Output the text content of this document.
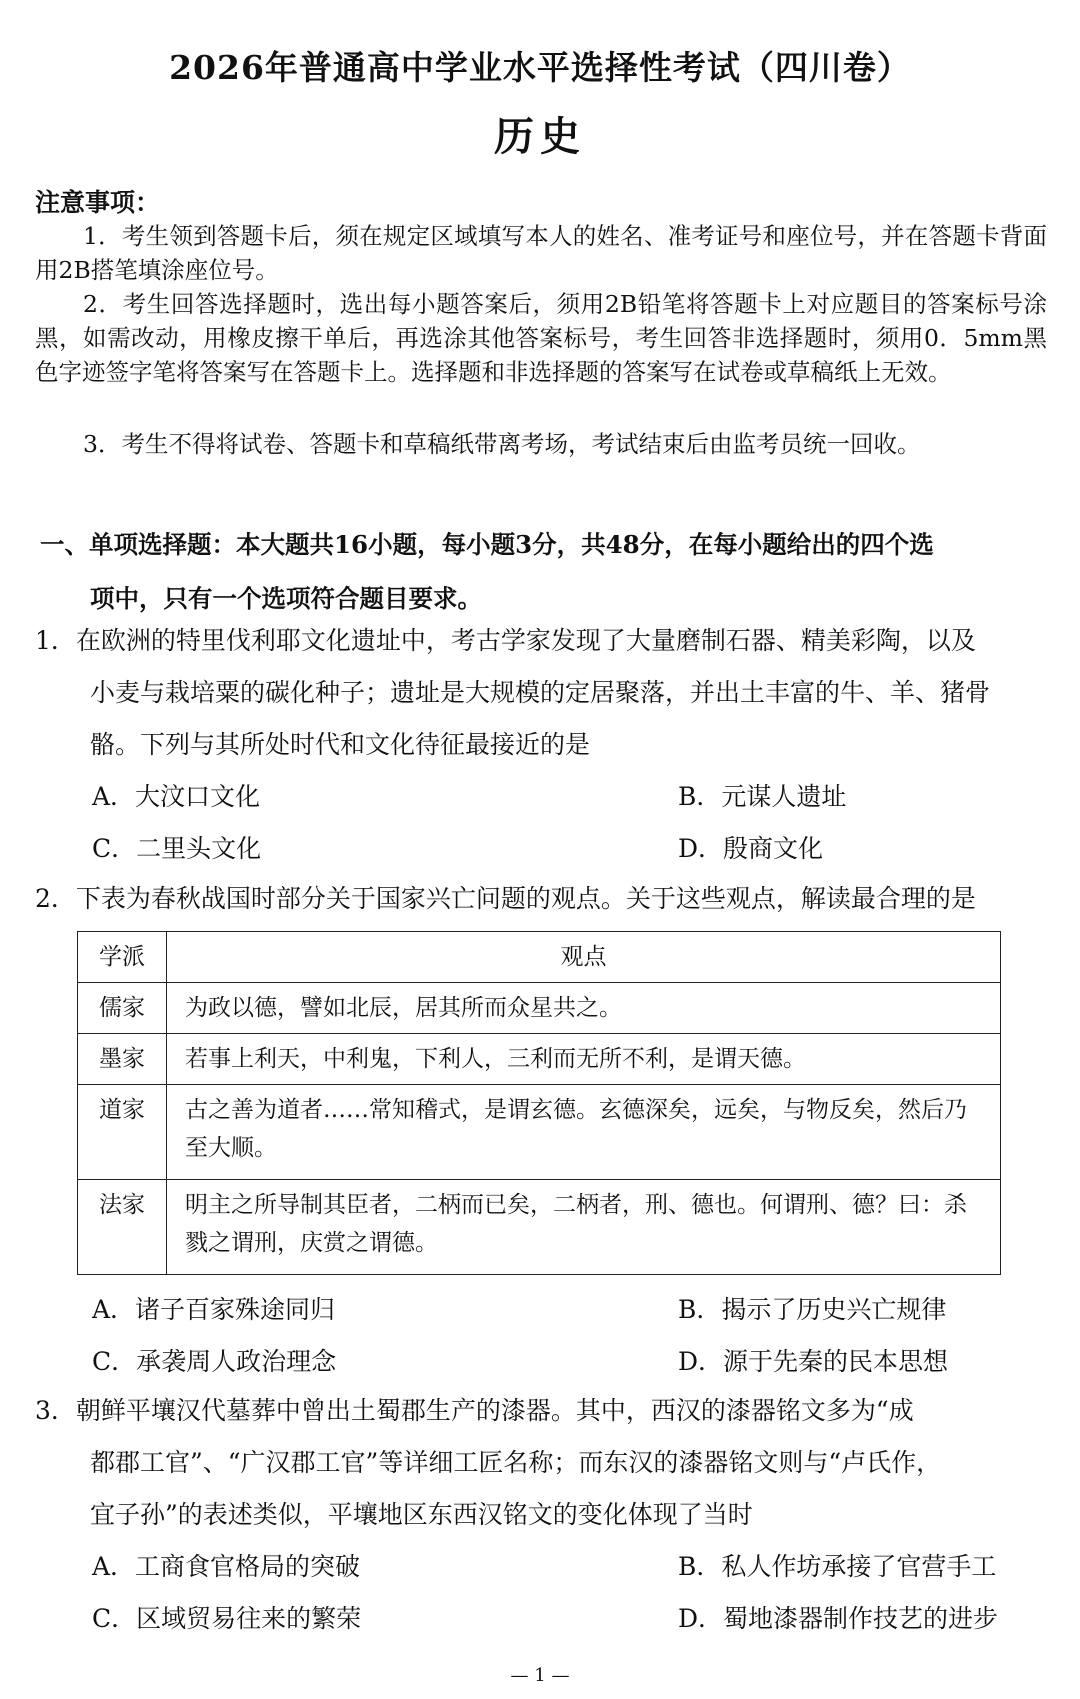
2026年普通高中学业水平选择性考试（四川卷）
历史
注意事项：
1．考生领到答题卡后，须在规定区域填写本人的姓名、准考证号和座位号，并在答题卡背面用2B搭笔填涂座位号。
2．考生回答选择题时，选出每小题答案后，须用2B铅笔将答题卡上对应题目的答案标号涂黑，如需改动，用橡皮擦干单后，再选涂其他答案标号，考生回答非选择题时，须用0．5mm黑色字迹签字笔将答案写在答题卡上。选择题和非选择题的答案写在试卷或草稿纸上无效。
3．考生不得将试卷、答题卡和草稿纸带离考场，考试结束后由监考员统一回收。
一、单项选择题：本大题共16小题，每小题3分，共48分，在每小题给出的四个选
项中，只有一个选项符合题目要求。
1．在欧洲的特里伐利耶文化遗址中，考古学家发现了大量磨制石器、精美彩陶，以及
小麦与栽培粟的碳化种子；遗址是大规模的定居聚落，并出土丰富的牛、羊、猪骨
骼。下列与其所处时代和文化待征最接近的是
A．大汶口文化	B．元谋人遗址
C．二里头文化	D．殷商文化
2．下表为春秋战国时部分关于国家兴亡问题的观点。关于这些观点，解读最合理的是
学派	观点
儒家	为政以德，譬如北辰，居其所而众星共之。
墨家	若事上利天，中利鬼，下利人，三利而无所不利，是谓天德。
道家	古之善为道者……常知稽式，是谓玄德。玄德深矣，远矣，与物反矣，然后乃至大顺。
法家	明主之所导制其臣者，二柄而已矣，二柄者，刑、德也。何谓刑、德？曰：杀戮之谓刑，庆赏之谓德。
A．诸子百家殊途同归	B．揭示了历史兴亡规律
C．承袭周人政治理念	D．源于先秦的民本思想
3．朝鲜平壤汉代墓葬中曾出土蜀郡生产的漆器。其中，西汉的漆器铭文多为“成
都郡工官”、“广汉郡工官”等详细工匠名称；而东汉的漆器铭文则与“卢氏作，
宜子孙”的表述类似，平壤地区东西汉铭文的变化体现了当时
A．工商食官格局的突破	B．私人作坊承接了官营手工
C．区域贸易往来的繁荣	D．蜀地漆器制作技艺的进步
— 1 —
